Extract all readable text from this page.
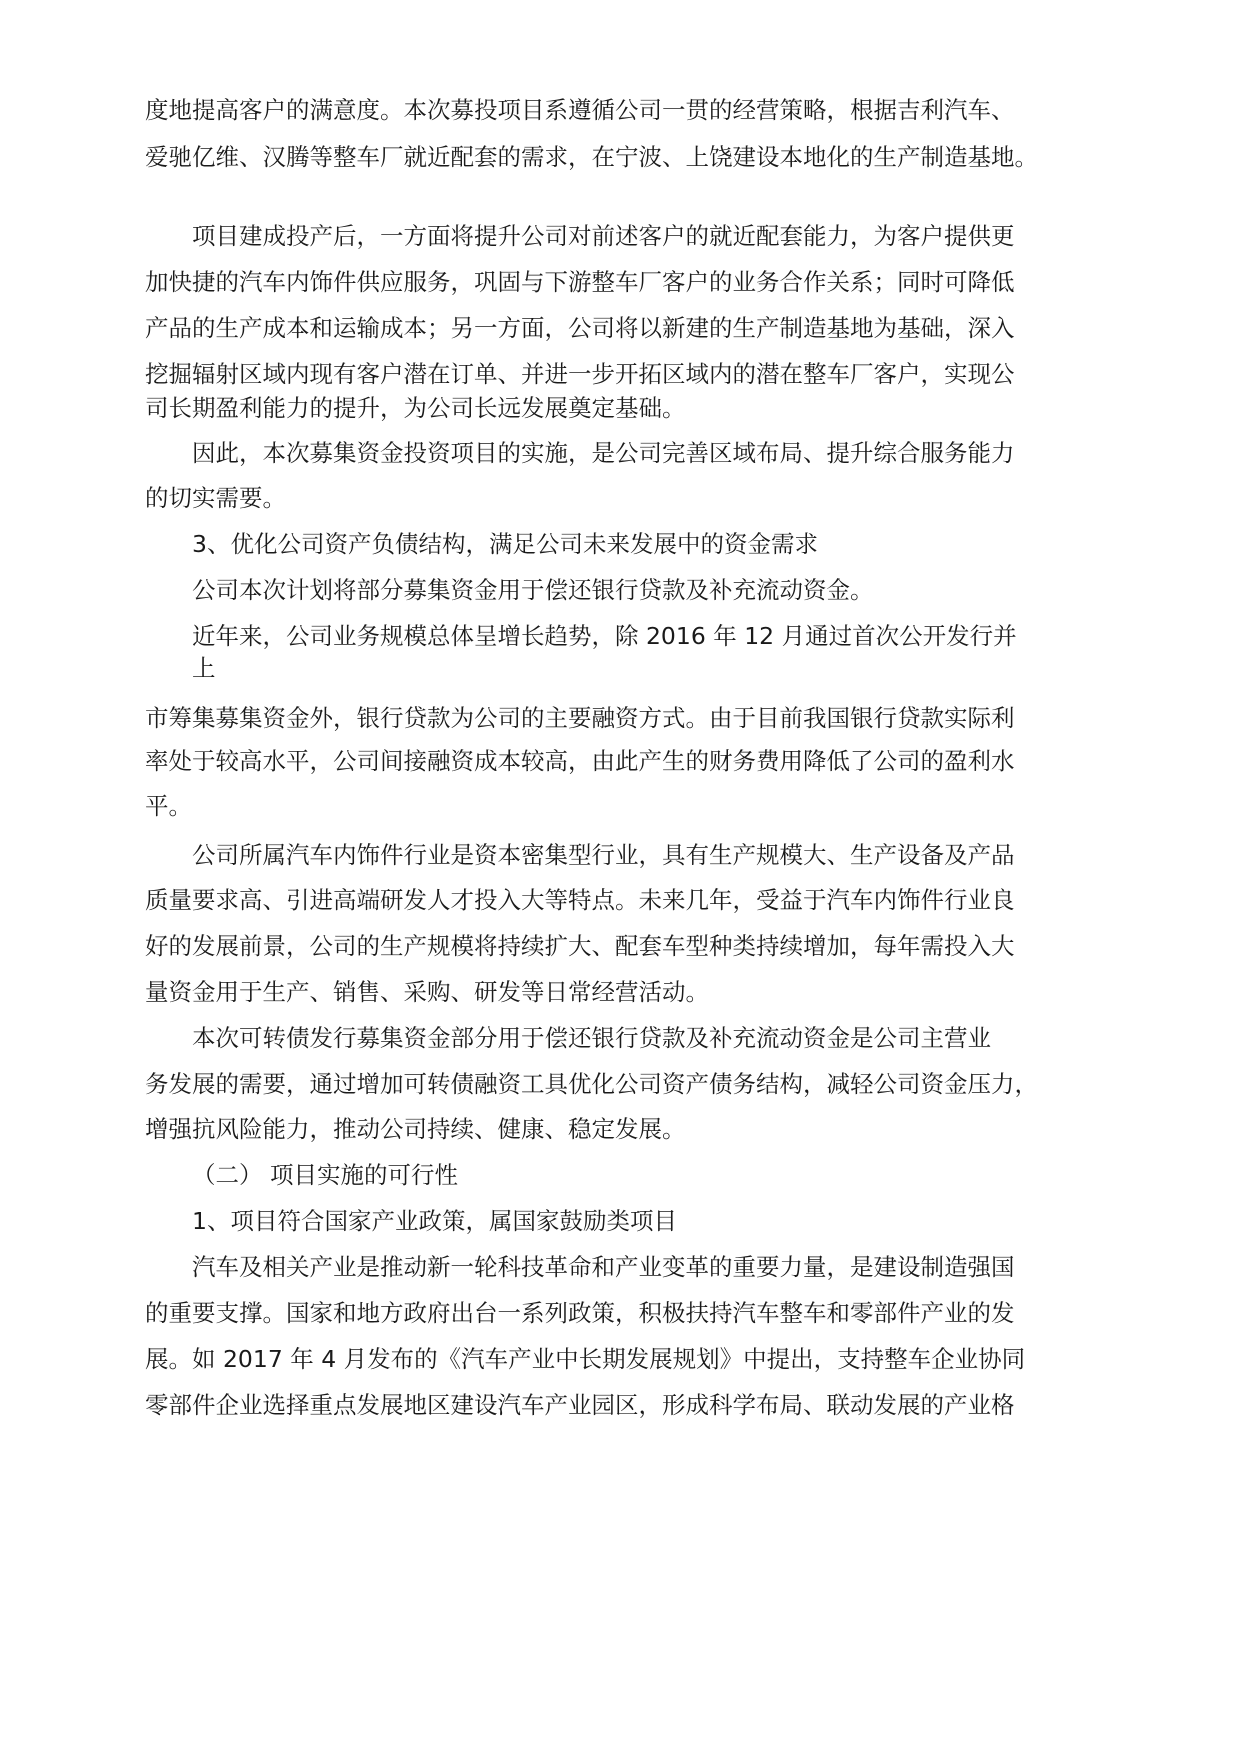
度地提高客户的满意度。本次募投项目系遵循公司一贯的经营策略，根据吉利汽车、
爱驰亿维、汉腾等整车厂就近配套的需求，在宁波、上饶建设本地化的生产制造基地。
项目建成投产后，一方面将提升公司对前述客户的就近配套能力，为客户提供更
加快捷的汽车内饰件供应服务，巩固与下游整车厂客户的业务合作关系；同时可降低
产品的生产成本和运输成本；另一方面，公司将以新建的生产制造基地为基础，深入
挖掘辐射区域内现有客户潜在订单、并进一步开拓区域内的潜在整车厂客户，实现公
司长期盈利能力的提升，为公司长远发展奠定基础。
因此，本次募集资金投资项目的实施，是公司完善区域布局、提升综合服务能力
的切实需要。
3、优化公司资产负债结构，满足公司未来发展中的资金需求
公司本次计划将部分募集资金用于偿还银行贷款及补充流动资金。
近年来，公司业务规模总体呈增长趋势，除 2016 年 12 月通过首次公开发行并
上
市筹集募集资金外，银行贷款为公司的主要融资方式。由于目前我国银行贷款实际利
率处于较高水平，公司间接融资成本较高，由此产生的财务费用降低了公司的盈利水
平。
公司所属汽车内饰件行业是资本密集型行业，具有生产规模大、生产设备及产品
质量要求高、引进高端研发人才投入大等特点。未来几年，受益于汽车内饰件行业良
好的发展前景，公司的生产规模将持续扩大、配套车型种类持续增加，每年需投入大
量资金用于生产、销售、采购、研发等日常经营活动。
本次可转债发行募集资金部分用于偿还银行贷款及补充流动资金是公司主营业
务发展的需要，通过增加可转债融资工具优化公司资产债务结构，减轻公司资金压力，
增强抗风险能力，推动公司持续、健康、稳定发展。
（二） 项目实施的可行性
1、项目符合国家产业政策，属国家鼓励类项目
汽车及相关产业是推动新一轮科技革命和产业变革的重要力量，是建设制造强国
的重要支撑。国家和地方政府出台一系列政策，积极扶持汽车整车和零部件产业的发
展。如 2017 年 4 月发布的《汽车产业中长期发展规划》中提出，支持整车企业协同
零部件企业选择重点发展地区建设汽车产业园区，形成科学布局、联动发展的产业格
